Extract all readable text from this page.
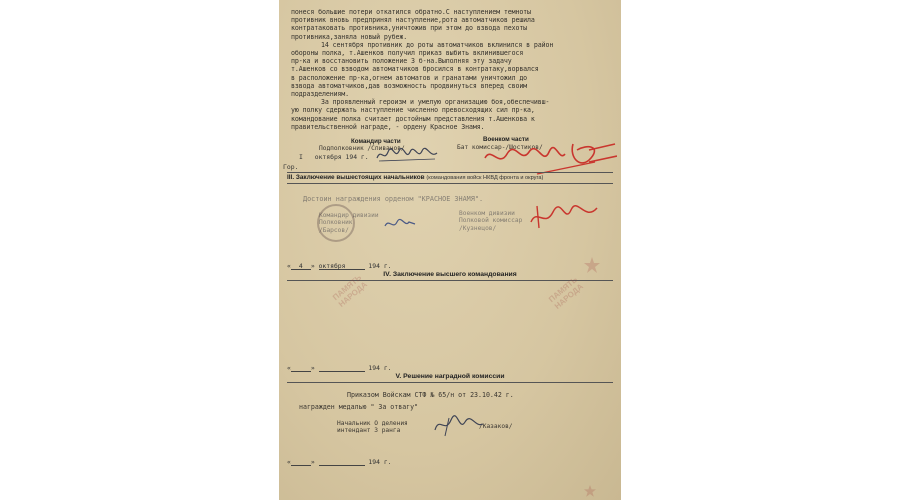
понеся большие потери откатился обратно.С наступлением темноты
противник вновь предпринял наступление,рота автоматчиков решила
контратаковать противника,уничтожив при этом до взвода пехоты
противника,заняла новый рубеж.
14 сентября противник до роты автоматчиков вклинился в район
обороны полка, т.Ашенков получил приказ выбить вклинившегося
пр-ка и восстановить положение 3 б-на.Выполняя эту задачу
т.Ашенков со взводом автоматчиков бросился в контратаку,ворвался
в расположение пр-ка,огнем автоматов и гранатами уничтожил до
взвода автоматчиков,дав возможность продвинуться вперед своим
подразделениям.
За проявленный героизм и умелую организацию боя,обеспечивш-
ую полку сдержать наступление численно превосходящих сил пр-ка,
командование полка считает достойным представления т.Ашенкова к
правительственной награде, - ордену Красное Знамя.
Командир части	Военком части
Подполковник /Спиванов/	Бат комиссар-/Шостиков/
I октября 194 г.
Гор.
III. Заключение вышестоящих начальников (командования войск НКВД фронта и округа)
Достоин награждения орденом "КРАСНОЕ ЗНАМЯ".
Командир дивизии
Полковник
/Барсов/
Военком дивизии
Полковой комиссар
/Кузнецов/
« 4 » октября	194 г.
IV. Заключение высшего командования
«	»	194 г.
V. Решение наградной комиссии
Приказом Войскам СТФ № 65/н от 23.10.42 г.
награжден медалью " За отвагу"
Начальник О деления
интендант 3 ранга
/Казаков/
«	»	194 г.
ПАМЯТЬ НАРОДА	ПАМЯТЬ НАРОДА
